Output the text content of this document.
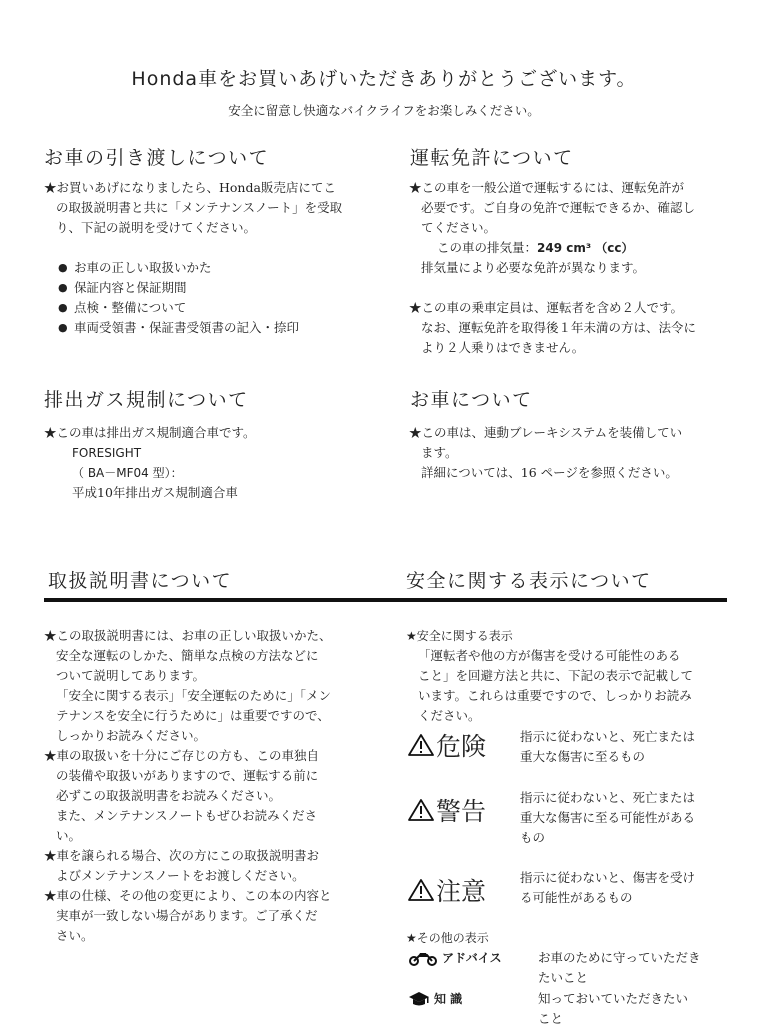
Honda車をお買いあげいただきありがとうございます。
安全に留意し快適なバイクライフをお楽しみください。
お車の引き渡しについて
★お買いあげになりましたら、Honda販売店にてこ
の取扱説明書と共に「メンテナンスノート」を受取
り、下記の説明を受けてください。
● お車の正しい取扱いかた
● 保証内容と保証期間
● 点検・整備について
● 車両受領書・保証書受領書の記入・捺印
運転免許について
★この車を一般公道で運転するには、運転免許が
必要です。ご自身の免許で運転できるか、確認し
てください。
この車の排気量：249 cm³ （cc）
排気量により必要な免許が異なります。
★この車の乗車定員は、運転者を含め２人です。
なお、運転免許を取得後１年未満の方は、法令に
より２人乗りはできません。
排出ガス規制について
★この車は排出ガス規制適合車です。
FORESIGHT
（ BA－MF04 型）：
平成10年排出ガス規制適合車
お車について
★この車は、連動ブレーキシステムを装備してい
ます。
詳細については、16 ページを参照ください。
取扱説明書について	安全に関する表示について
★この取扱説明書には、お車の正しい取扱いかた、
安全な運転のしかた、簡単な点検の方法などに
ついて説明してあります。
「安全に関する表示」「安全運転のために」「メン
テナンスを安全に行うために」は重要ですので、
しっかりお読みください。
★車の取扱いを十分にご存じの方も、この車独自
の装備や取扱いがありますので、運転する前に
必ずこの取扱説明書をお読みください。
また、メンテナンスノートもぜひお読みくださ
い。
★車を譲られる場合、次の方にこの取扱説明書お
よびメンテナンスノートをお渡しください。
★車の仕様、その他の変更により、この本の内容と
実車が一致しない場合があります。ご了承くだ
さい。
★安全に関する表示
「運転者や他の方が傷害を受ける可能性のある
こと」を回避方法と共に、下記の表示で記載して
います。これらは重要ですので、しっかりお読み
ください。
危険	指示に従わないと、死亡または
重大な傷害に至るもの
警告	指示に従わないと、死亡または
重大な傷害に至る可能性がある
もの
注意	指示に従わないと、傷害を受け
る可能性があるもの
★その他の表示
アドバイス	お車のために守っていただき
たいこと
知 識	知っておいていただきたい
こと
